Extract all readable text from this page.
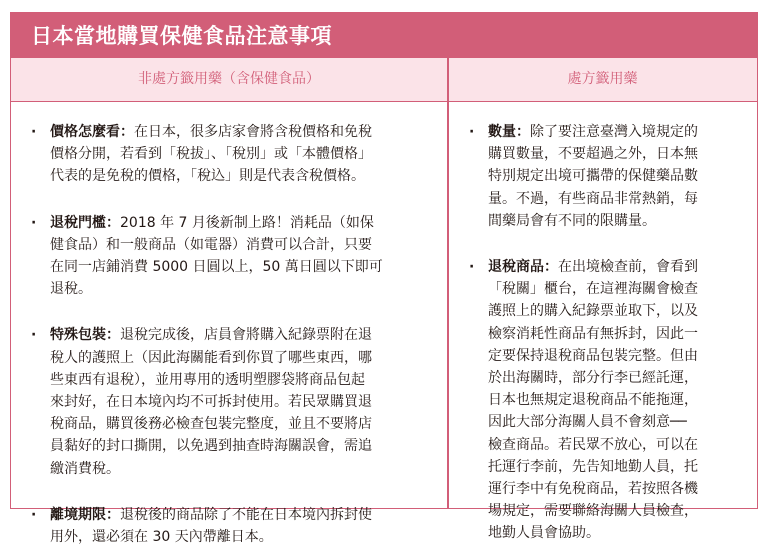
日本當地購買保健食品注意事項
非處方籤用藥（含保健食品）	處方籤用藥
· 價格怎麼看：在日本，很多店家會將含稅價格和免稅
價格分開，若看到「稅拔」、「稅別」或「本體價格」
代表的是免稅的價格，「稅込」則是代表含稅價格。
· 退稅門檻：2018 年 7 月後新制上路！消耗品（如保
健食品）和一般商品（如電器）消費可以合計，只要
在同一店鋪消費 5000 日圓以上，50 萬日圓以下即可
退稅。
· 特殊包裝：退稅完成後，店員會將購入紀錄票附在退
稅人的護照上（因此海關能看到你買了哪些東西，哪
些東西有退稅），並用專用的透明塑膠袋將商品包起
來封好，在日本境內均不可拆封使用。若民眾購買退
稅商品，購買後務必檢查包裝完整度，並且不要將店
員黏好的封口撕開，以免遇到抽查時海關誤會，需追
繳消費稅。
· 離境期限：退稅後的商品除了不能在日本境內拆封使
用外，還必須在 30 天內帶離日本。
· 數量：除了要注意臺灣入境規定的
購買數量，不要超過之外，日本無
特別規定出境可攜帶的保健藥品數
量。不過，有些商品非常熱銷，每
間藥局會有不同的限購量。
· 退稅商品：在出境檢查前，會看到
「稅關」櫃台，在這裡海關會檢查
護照上的購入紀錄票並取下，以及
檢察消耗性商品有無拆封，因此一
定要保持退稅商品包裝完整。但由
於出海關時，部分行李已經託運，
日本也無規定退稅商品不能拖運，
因此大部分海關人員不會刻意──
檢查商品。若民眾不放心，可以在
托運行李前，先告知地勤人員，托
運行李中有免稅商品，若按照各機
場規定，需要聯絡海關人員檢查，
地勤人員會協助。
